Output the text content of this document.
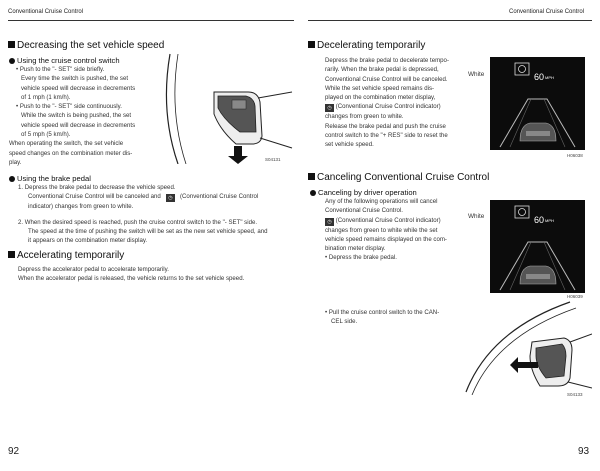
Conventional Cruise Control	Conventional Cruise Control
Decreasing the set vehicle speed
Using the cruise control switch
• Push to the "- SET" side briefly.
Every time the switch is pushed, the set
vehicle speed will decrease in decrements
of 1 mph (1 km/h).
• Push to the "- SET" side continuously.
While the switch is being pushed, the set
vehicle speed will decrease in decrements
of 5 mph (5 km/h).
When operating the switch, the set vehicle
speed changes on the combination meter dis-
play.	S04131
Using the brake pedal
1. Depress the brake pedal to decrease the vehicle speed.
Conventional Cruise Control will be canceled and ◷ (Conventional Cruise Control
indicator) changes from green to white.
2. When the desired speed is reached, push the cruise control switch to the "- SET" side.
The speed at the time of pushing the switch will be set as the new set vehicle speed, and
it appears on the combination meter display.
Accelerating temporarily
Depress the accelerator pedal to accelerate temporarily.
When the accelerator pedal is released, the vehicle returns to the set vehicle speed.
92
Decelerating temporarily
Depress the brake pedal to decelerate tempo-
rarily. When the brake pedal is depressed,
Conventional Cruise Control will be canceled.
While the set vehicle speed remains dis-
played on the combination meter display,
◷ (Conventional Cruise Control indicator)
changes from green to white.
Release the brake pedal and push the cruise
control switch to the "+ RES" side to reset the
set vehicle speed.
White	60 MPH
H06038
Canceling Conventional Cruise Control
Canceling by driver operation
Any of the following operations will cancel
Conventional Cruise Control.
◷ (Conventional Cruise Control indicator)
changes from green to white while the set
vehicle speed remains displayed on the com-
bination meter display.
• Depress the brake pedal.
White	60 MPH
H06039
• Pull the cruise control switch to the CAN-
CEL side.
S04133
93
